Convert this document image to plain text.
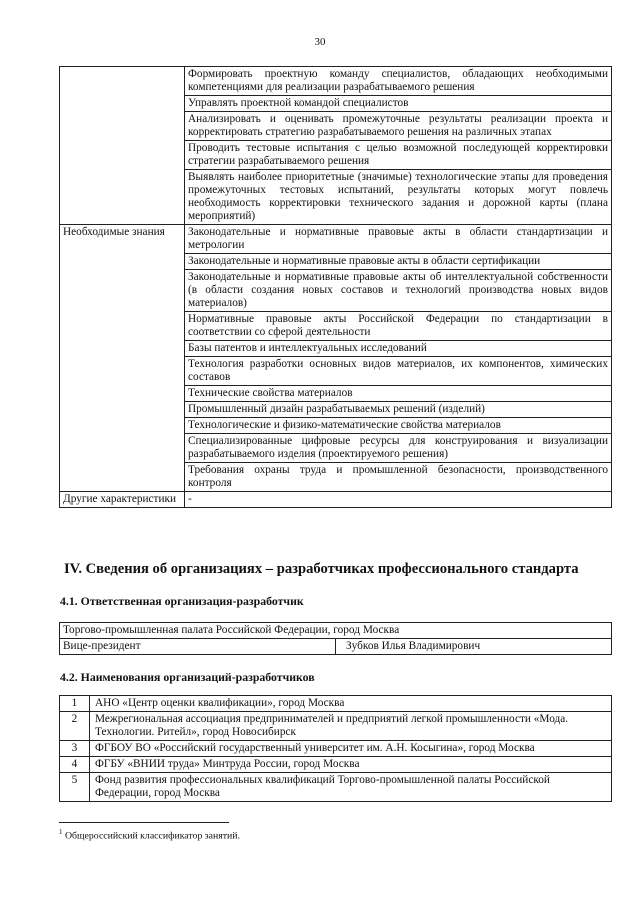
30
	Формировать проектную команду специалистов, обладающих необходимыми компетенциями для реализации разрабатываемого решения
	Управлять проектной командой специалистов
	Анализировать и оценивать промежуточные результаты реализации проекта и корректировать стратегию разрабатываемого решения на различных этапах
	Проводить тестовые испытания с целью возможной последующей корректировки стратегии разрабатываемого решения
	Выявлять наиболее приоритетные (значимые) технологические этапы для проведения промежуточных тестовых испытаний, результаты которых могут повлечь необходимость корректировки технического задания и дорожной карты (плана мероприятий)
Необходимые знания	Законодательные и нормативные правовые акты в области стандартизации и метрологии
	Законодательные и нормативные правовые акты в области сертификации
	Законодательные и нормативные правовые акты об интеллектуальной собственности (в области создания новых составов и технологий производства новых видов материалов)
	Нормативные правовые акты Российской Федерации по стандартизации в соответствии со сферой деятельности
	Базы патентов и интеллектуальных исследований
	Технология разработки основных видов материалов, их компонентов, химических составов
	Технические свойства материалов
	Промышленный дизайн разрабатываемых решений (изделий)
	Технологические и физико-математические свойства материалов
	Специализированные цифровые ресурсы для конструирования и визуализации разрабатываемого изделия (проектируемого решения)
	Требования охраны труда и промышленной безопасности, производственного контроля
Другие характеристики	-
IV. Сведения об организациях – разработчиках профессионального стандарта
4.1. Ответственная организация-разработчик
Торгово-промышленная палата Российской Федерации, город Москва
Вице-президент	Зубков Илья Владимирович
4.2. Наименования организаций-разработчиков
1	АНО «Центр оценки квалификации», город Москва
2	Межрегиональная ассоциация предпринимателей и предприятий легкой промышленности «Мода. Технологии. Ритейл», город Новосибирск
3	ФГБОУ ВО «Российский государственный университет им. А.Н. Косыгина», город Москва
4	ФГБУ «ВНИИ труда» Минтруда России, город Москва
5	Фонд развития профессиональных квалификаций Торгово-промышленной палаты Российской Федерации, город Москва
$^1$ Общероссийский классификатор занятий.
